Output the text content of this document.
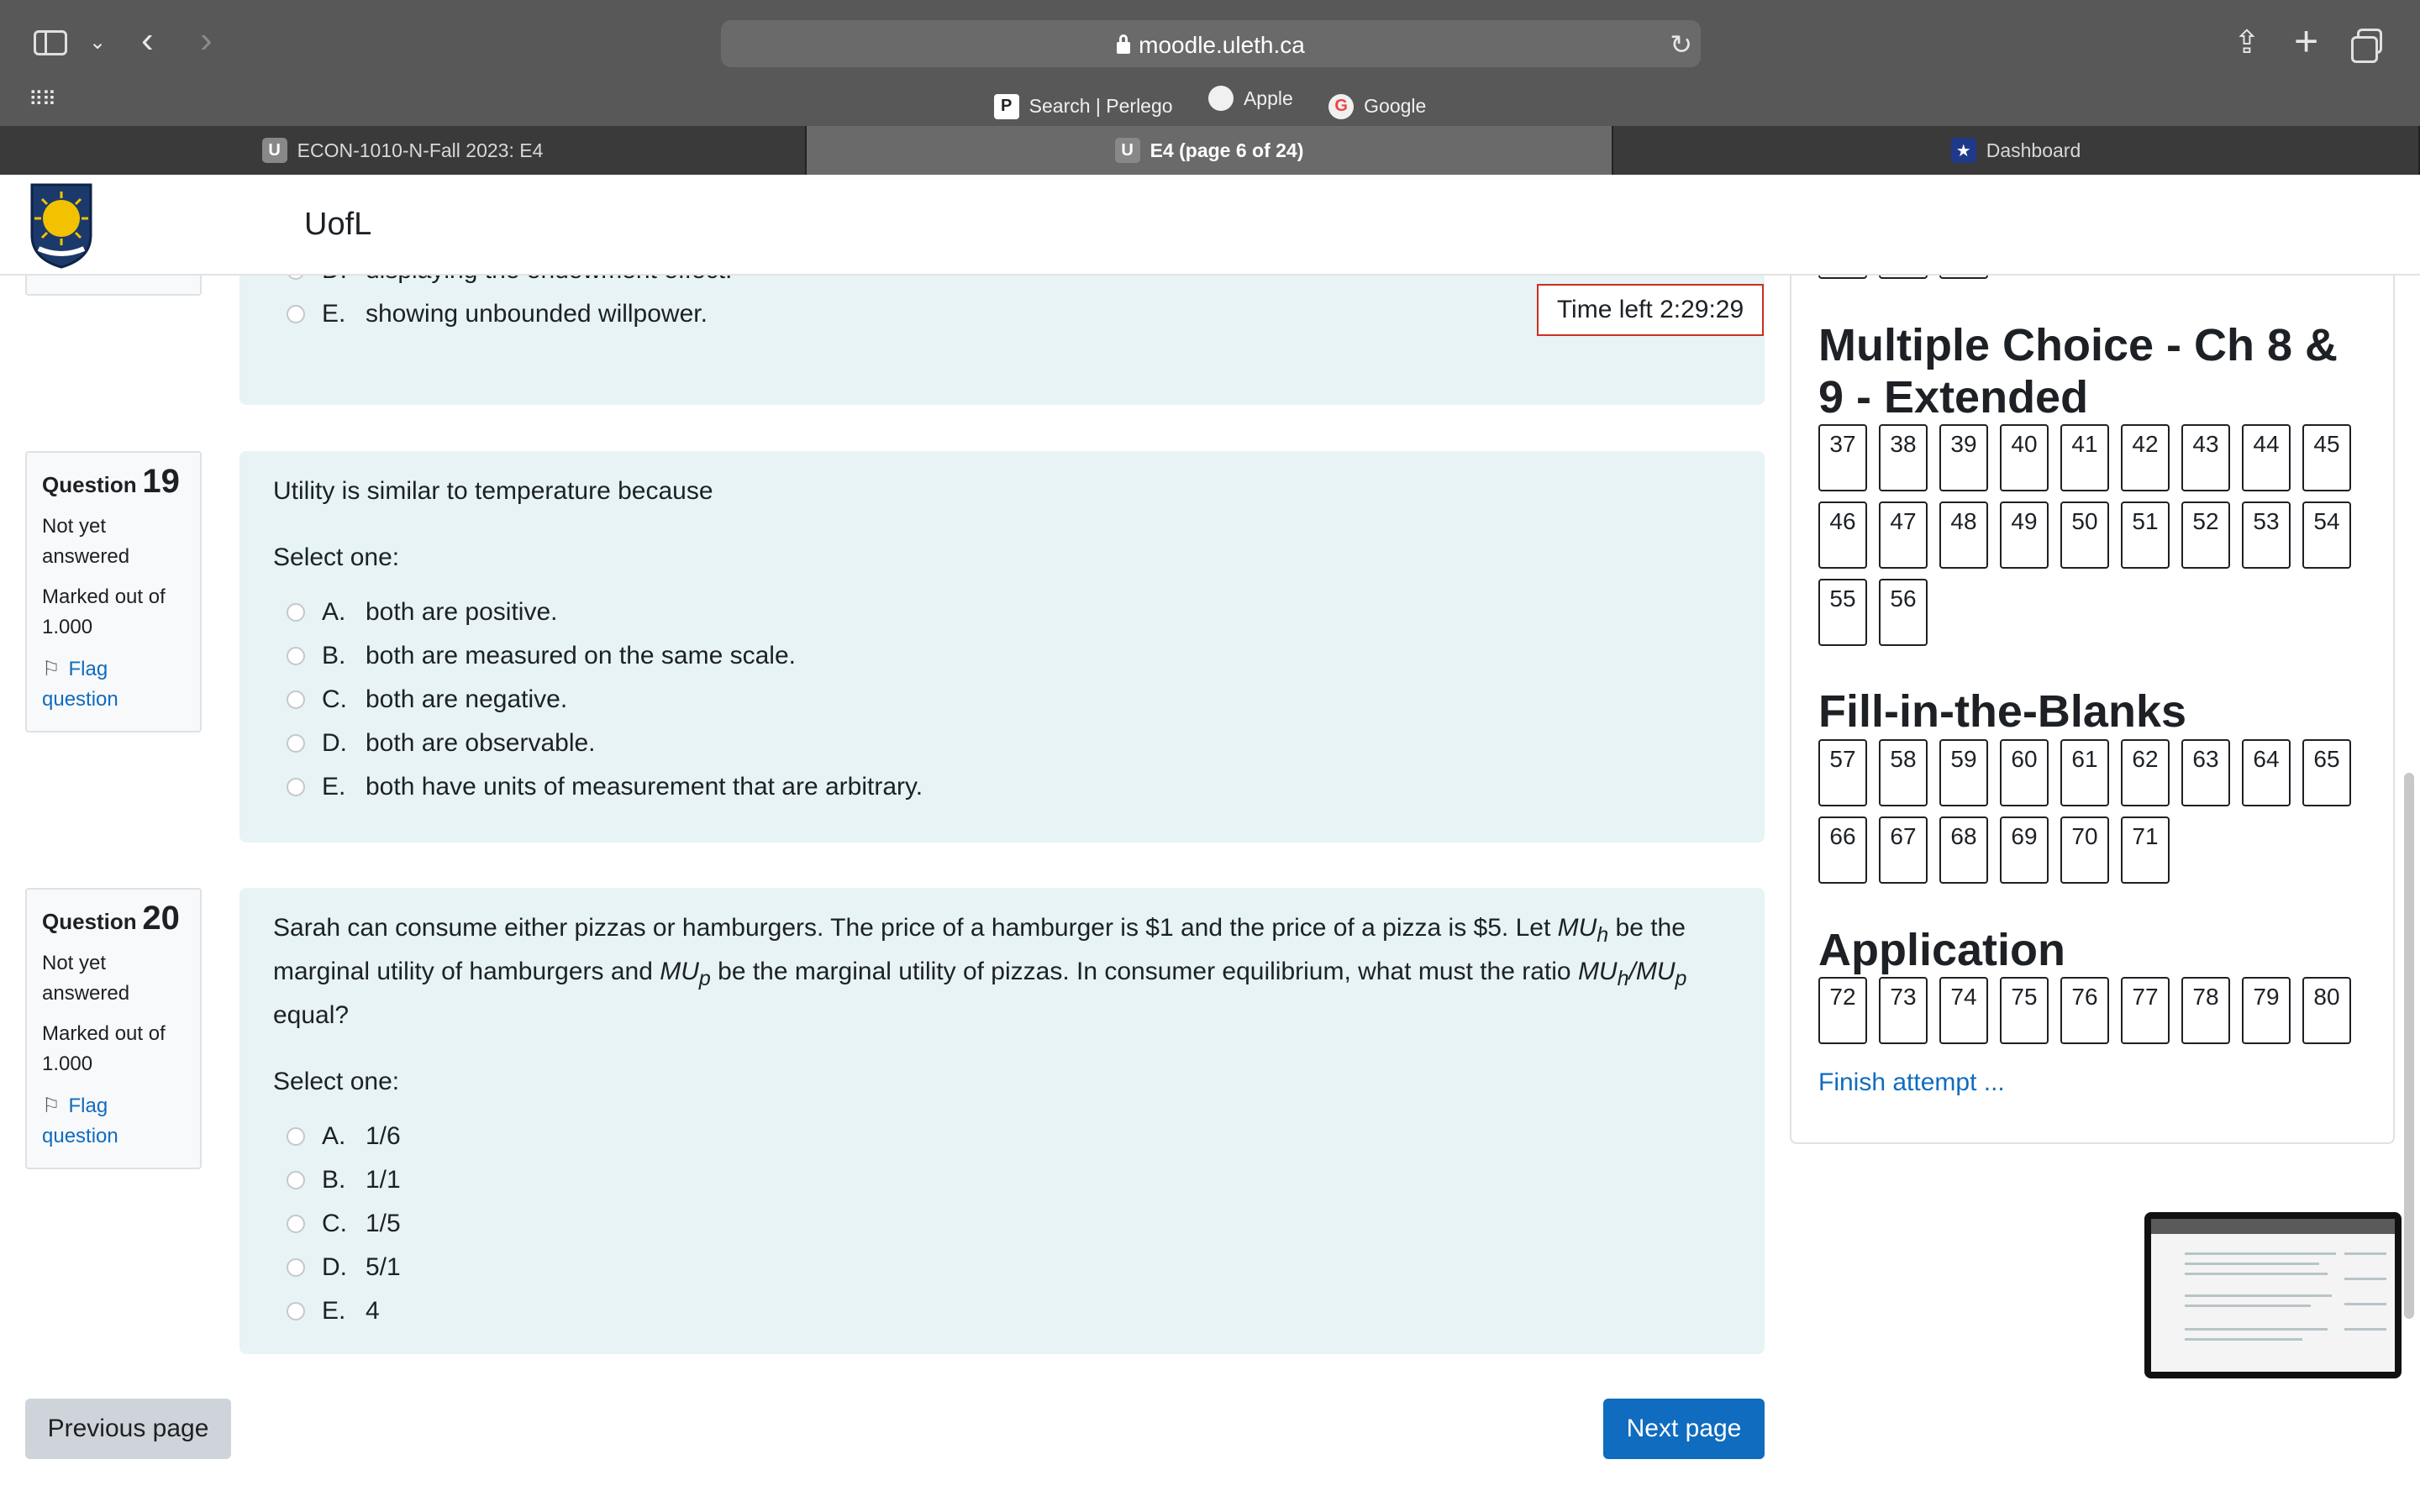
⌄ ‹ ›
⠿⠿
moodle.uleth.ca	↻	⇪ +
P Search | Perlego
	Apple
	G Google
U ECON-1010-N-Fall 2023: E4	U E4 (page 6 of 24)	★ Dashboard
UofL
E. showing unbounded willpower.	Time left 2:29:29
Question 19

Not yet answered

Marked out of 1.000

⚐ Flag question
Utility is similar to temperature because
Select one:
A. both are positive.
B. both are measured on the same scale.
C. both are negative.
D. both are observable.
E. both have units of measurement that are arbitrary.
Question 20

Not yet answered

Marked out of 1.000

⚐ Flag question
Sarah can consume either pizzas or hamburgers. The price of a hamburger is $1 and the price of a pizza is $5. Let $MU_h$ be the marginal utility of hamburgers and $MU_p$ be the marginal utility of pizzas. In consumer equilibrium, what must the ratio $MU_h/MU_p$ equal?
Select one:
A. 1/6
B. 1/1
C. 1/5
D. 5/1
E. 4
Previous page	Next page
Multiple Choice - Ch 8 & 9 - Extended
Fill-in-the-Blanks
Application
37	38	39	40	41	42	43	44	45
46	47	48	49	50	51	52	53	54
55	56
57	58	59	60	61	62	63	64	65
66	67	68	69	70	71
72	73	74	75	76	77	78	79	80
Finish attempt ...
